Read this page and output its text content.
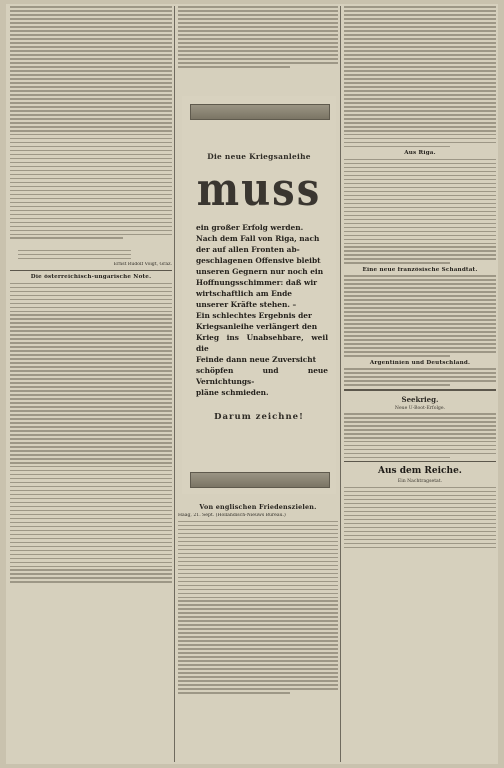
Ernst Rudolf Voigt, Graz.
Die österreichisch-ungarische Note.
Von englischen Friedenszielen.
Haag, 21. Sept. (Holländisch-Nieuws Bureau.)
Die neue Kriegsanleihe
muss
ein großer Erfolg werden.
Nach dem Fall von Riga, nach
der auf allen Fronten ab-
geschlagenen Offensive bleibt
unseren Gegnern nur noch ein
Hoffnungsschimmer: daß wir
wirtschaftlich am Ende
unserer Kräfte stehen. –
Ein schlechtes Ergebnis der
Kriegsanleihe verlängert den
Krieg ins Unabsehbare, weil die
Feinde dann neue Zuversicht
schöpfen und neue Vernichtungs-
pläne schmieden.
Darum zeichne!
Aus Riga.
Eine neue französische Schandtat.
Argentinien und Deutschland.
Seekrieg.
Neue U-Boot-Erfolge.
Aus dem Reiche.
Ein Nachtragsetat.
